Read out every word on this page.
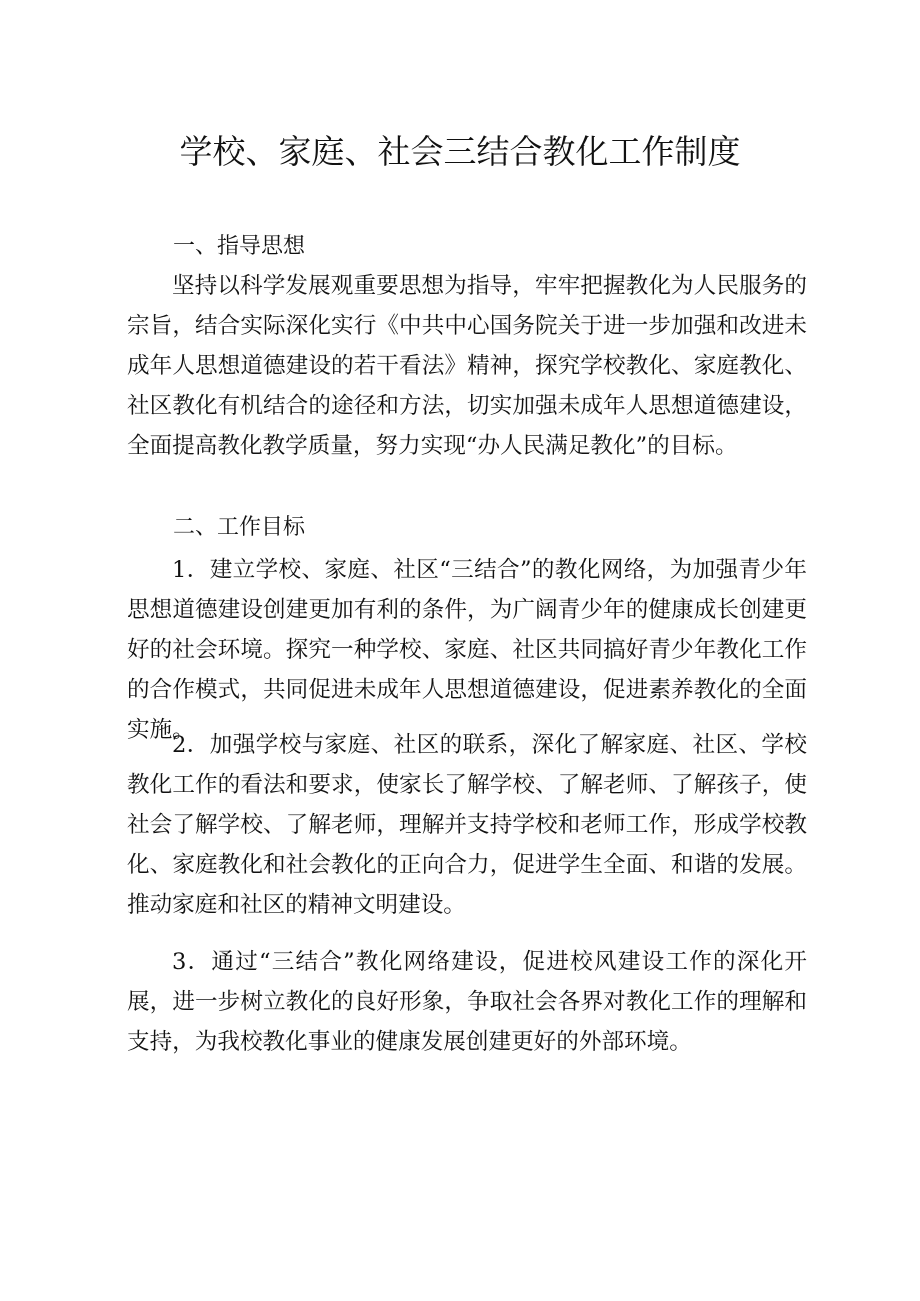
学校、家庭、社会三结合教化工作制度
一、指导思想

坚持以科学发展观重要思想为指导，牢牢把握教化为人民服务的宗旨，结合实际深化实行《中共中心国务院关于进一步加强和改进未成年人思想道德建设的若干看法》精神，探究学校教化、家庭教化、社区教化有机结合的途径和方法，切实加强未成年人思想道德建设，全面提高教化教学质量，努力实现“办人民满足教化”的目标。

二、工作目标

1．建立学校、家庭、社区“三结合”的教化网络，为加强青少年思想道德建设创建更加有利的条件，为广阔青少年的健康成长创建更好的社会环境。探究一种学校、家庭、社区共同搞好青少年教化工作的合作模式，共同促进未成年人思想道德建设，促进素养教化的全面实施。

2．加强学校与家庭、社区的联系，深化了解家庭、社区、学校教化工作的看法和要求，使家长了解学校、了解老师、了解孩子，使社会了解学校、了解老师，理解并支持学校和老师工作，形成学校教化、家庭教化和社会教化的正向合力，促进学生全面、和谐的发展。推动家庭和社区的精神文明建设。

3．通过“三结合”教化网络建设，促进校风建设工作的深化开展，进一步树立教化的良好形象，争取社会各界对教化工作的理解和支持，为我校教化事业的健康发展创建更好的外部环境。
